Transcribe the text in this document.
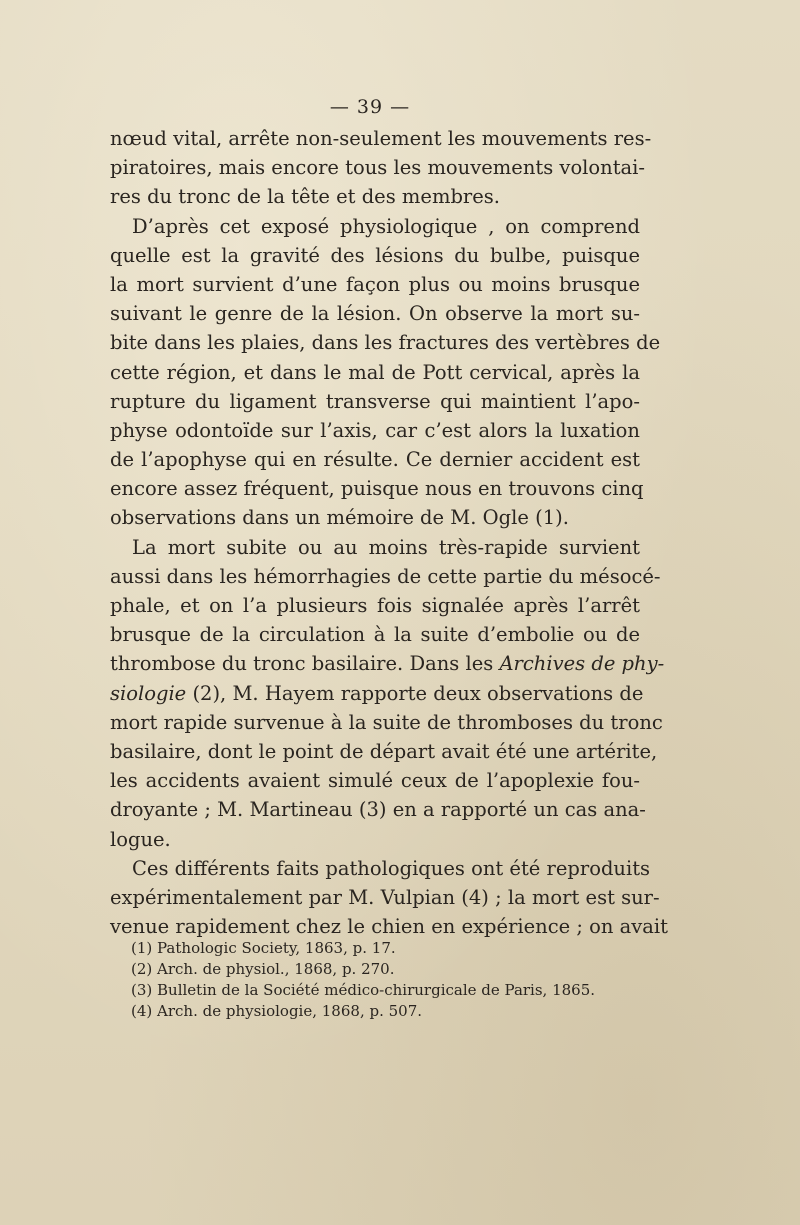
— 39 —
nœud vital, arrête non-seulement les mouvements res-
piratoires, mais encore tous les mouvements volontai-
res du tronc de la tête et des membres.
D’après cet exposé physiologique , on comprend
quelle est la gravité des lésions du bulbe, puisque
la mort survient d’une façon plus ou moins brusque
suivant le genre de la lésion. On observe la mort su-
bite dans les plaies, dans les fractures des vertèbres de
cette région, et dans le mal de Pott cervical, après la
rupture du ligament transverse qui maintient l’apo-
physe odontoïde sur l’axis, car c’est alors la luxation
de l’apophyse qui en résulte. Ce dernier accident est
encore assez fréquent, puisque nous en trouvons cinq
observations dans un mémoire de M. Ogle (1).
La mort subite ou au moins très-rapide survient
aussi dans les hémorrhagies de cette partie du mésocé-
phale, et on l’a plusieurs fois signalée après l’arrêt
brusque de la circulation à la suite d’embolie ou de
thrombose du tronc basilaire. Dans les Archives de phy-
siologie (2), M. Hayem rapporte deux observations de
mort rapide survenue à la suite de thromboses du tronc
basilaire, dont le point de départ avait été une artérite,
les accidents avaient simulé ceux de l’apoplexie fou-
droyante ; M. Martineau (3) en a rapporté un cas ana-
logue.
Ces différents faits pathologiques ont été reproduits
expérimentalement par M. Vulpian (4) ; la mort est sur-
venue rapidement chez le chien en expérience ; on avait
(1) Pathologic Society, 1863, p. 17.
(2) Arch. de physiol., 1868, p. 270.
(3) Bulletin de la Société médico-chirurgicale de Paris, 1865.
(4) Arch. de physiologie, 1868, p. 507.
